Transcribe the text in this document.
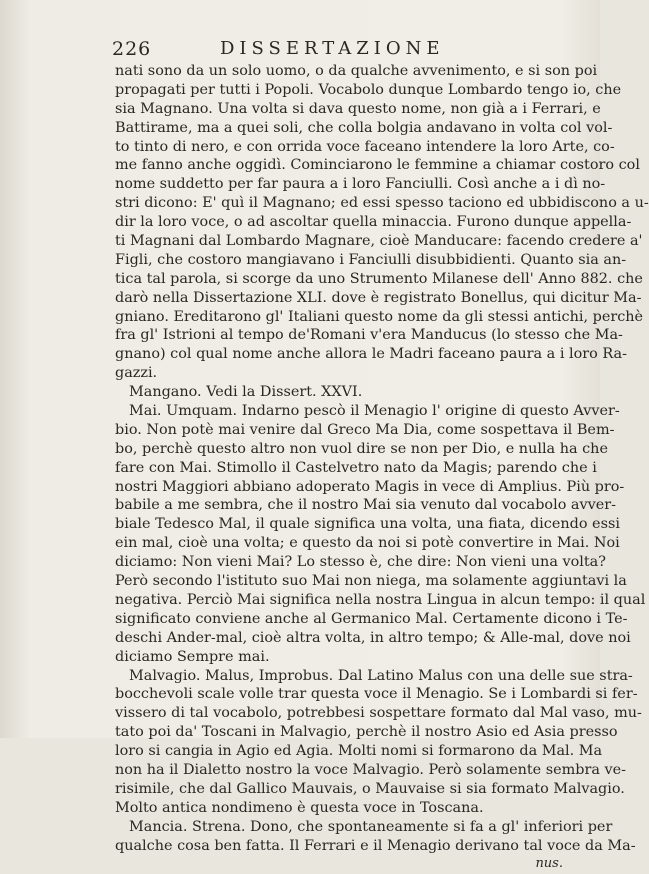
226	DISSERTAZIONE
nati sono da un solo uomo, o da qualche avvenimento, e si son poi
propagati per tutti i Popoli. Vocabolo dunque Lombardo tengo io, che
sia Magnano. Una volta si dava questo nome, non già a i Ferrari, e
Battirame, ma a quei soli, che colla bolgia andavano in volta col vol-
to tinto di nero, e con orrida voce faceano intendere la loro Arte, co-
me fanno anche oggidì. Cominciarono le femmine a chiamar costoro col
nome suddetto per far paura a i loro Fanciulli. Così anche a i dì no-
stri dicono: E' quì il Magnano; ed essi spesso taciono ed ubbidiscono a u-
dir la loro voce, o ad ascoltar quella minaccia. Furono dunque appella-
ti Magnani dal Lombardo Magnare, cioè Manducare: facendo credere a'
Figli, che costoro mangiavano i Fanciulli disubbidienti. Quanto sia an-
tica tal parola, si scorge da uno Strumento Milanese dell' Anno 882. che
darò nella Dissertazione XLI. dove è registrato Bonellus, qui dicitur Ma-
gniano. Ereditarono gl' Italiani questo nome da gli stessi antichi, perchè
fra gl' Istrioni al tempo de'Romani v'era Manducus (lo stesso che Ma-
gnano) col qual nome anche allora le Madri faceano paura a i loro Ra-
gazzi.
Mangano. Vedi la Dissert. XXVI.
Mai. Umquam. Indarno pescò il Menagio l' origine di questo Avver-
bio. Non potè mai venire dal Greco Ma Dia, come sospettava il Bem-
bo, perchè questo altro non vuol dire se non per Dio, e nulla ha che
fare con Mai. Stimollo il Castelvetro nato da Magis; parendo che i
nostri Maggiori abbiano adoperato Magis in vece di Amplius. Più pro-
babile a me sembra, che il nostro Mai sia venuto dal vocabolo avver-
biale Tedesco Mal, il quale significa una volta, una fiata, dicendo essi
ein mal, cioè una volta; e questo da noi si potè convertire in Mai. Noi
diciamo: Non vieni Mai? Lo stesso è, che dire: Non vieni una volta?
Però secondo l'istituto suo Mai non niega, ma solamente aggiuntavi la
negativa. Perciò Mai significa nella nostra Lingua in alcun tempo: il qual
significato conviene anche al Germanico Mal. Certamente dicono i Te-
deschi Ander-mal, cioè altra volta, in altro tempo; & Alle-mal, dove noi
diciamo Sempre mai.
Malvagio. Malus, Improbus. Dal Latino Malus con una delle sue stra-
bocchevoli scale volle trar questa voce il Menagio. Se i Lombardi si fer-
vissero di tal vocabolo, potrebbesi sospettare formato dal Mal vaso, mu-
tato poi da' Toscani in Malvagio, perchè il nostro Asio ed Asia presso
loro si cangia in Agio ed Agia. Molti nomi si formarono da Mal. Ma
non ha il Dialetto nostro la voce Malvagio. Però solamente sembra ve-
risimile, che dal Gallico Mauvais, o Mauvaise si sia formato Malvagio.
Molto antica nondimeno è questa voce in Toscana.
Mancia. Strena. Dono, che spontaneamente si fa a gl' inferiori per
qualche cosa ben fatta. Il Ferrari e il Menagio derivano tal voce da Ma-
nus.
